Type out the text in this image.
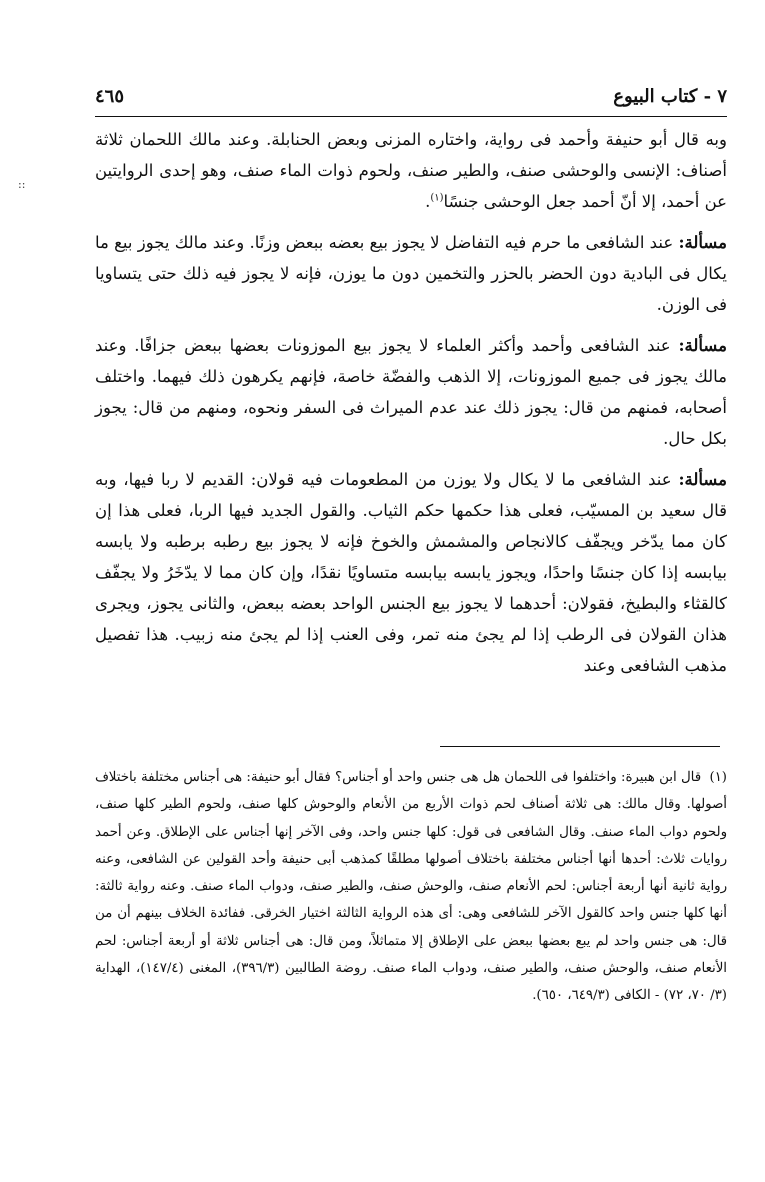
::
٧ - كتاب البيوع
٤٦٥

وبه قال أبو حنيفة وأحمد فى رواية، واختاره المزنى وبعض الحنابلة. وعند مالك اللحمان ثلاثة أصناف: الإنسى والوحشى صنف، والطير صنف، ولحوم ذوات الماء صنف، وهو إحدى الروايتين عن أحمد، إلا أنّ أحمد جعل الوحشى جنسًا$^{(١)}$.

مسألة: عند الشافعى ما حرم فيه التفاضل لا يجوز بيع بعضه ببعض وزنًا. وعند مالك يجوز بيع ما يكال فى البادية دون الحضر بالحزر والتخمين دون ما يوزن، فإنه لا يجوز فيه ذلك حتى يتساويا فى الوزن.

مسألة: عند الشافعى وأحمد وأكثر العلماء لا يجوز بيع الموزونات بعضها ببعض جزافًا. وعند مالك يجوز فى جميع الموزونات، إلا الذهب والفضّة خاصة، فإنهم يكرهون ذلك فيهما. واختلف أصحابه، فمنهم من قال: يجوز ذلك عند عدم الميراث فى السفر ونحوه، ومنهم من قال: يجوز بكل حال.

مسألة: عند الشافعى ما لا يكال ولا يوزن من المطعومات فيه قولان: القديم لا ربا فيها، وبه قال سعيد بن المسيّب، فعلى هذا حكمها حكم الثياب. والقول الجديد فيها الربا، فعلى هذا إن كان مما يدّخر ويجفّف كالانجاص والمشمش والخوخ فإنه لا يجوز بيع رطبه برطبه ولا يابسه بيابسه إذا كان جنسًا واحدًا، ويجوز يابسه بيابسه متساويًا نقدًا، وإن كان مما لا يدّخَرُ ولا يجفّف كالقثاء والبطيخ، فقولان: أحدهما لا يجوز بيع الجنس الواحد بعضه ببعض، والثانى يجوز، ويجرى هذان القولان فى الرطب إذا لم يجئ منه تمر، وفى العنب إذا لم يجئ منه زبيب. هذا تفصيل مذهب الشافعى وعند

(١) قال ابن هبيرة: واختلفوا فى اللحمان هل هى جنس واحد أو أجناس؟ فقال أبو حنيفة: هى أجناس مختلفة باختلاف أصولها. وقال مالك: هى ثلاثة أصناف لحم ذوات الأربع من الأنعام والوحوش كلها صنف، ولحوم الطير كلها صنف، ولحوم دواب الماء صنف. وقال الشافعى فى قول: كلها جنس واحد، وفى الآخر إنها أجناس على الإطلاق. وعن أحمد روايات ثلاث: أحدها أنها أجناس مختلفة باختلاف أصولها مطلقًا كمذهب أبى حنيفة وأحد القولين عن الشافعى، وعنه رواية ثانية أنها أربعة أجناس: لحم الأنعام صنف، والوحش صنف، والطير صنف، ودواب الماء صنف. وعنه رواية ثالثة: أنها كلها جنس واحد كالقول الآخر للشافعى وهى: أى هذه الرواية الثالثة اختيار الخرقى. ففائدة الخلاف بينهم أن من قال: هى جنس واحد لم يبع بعضها ببعض على الإطلاق إلا متماثلاً، ومن قال: هى أجناس ثلاثة أو أربعة أجناس: لحم الأنعام صنف، والوحش صنف، والطير صنف، ودواب الماء صنف. روضة الطالبين (٣٩٦/٣)، المغنى (١٤٧/٤)، الهداية (٣/ ٧٠، ٧٢) - الكافى (٦٤٩/٣، ٦٥٠).
